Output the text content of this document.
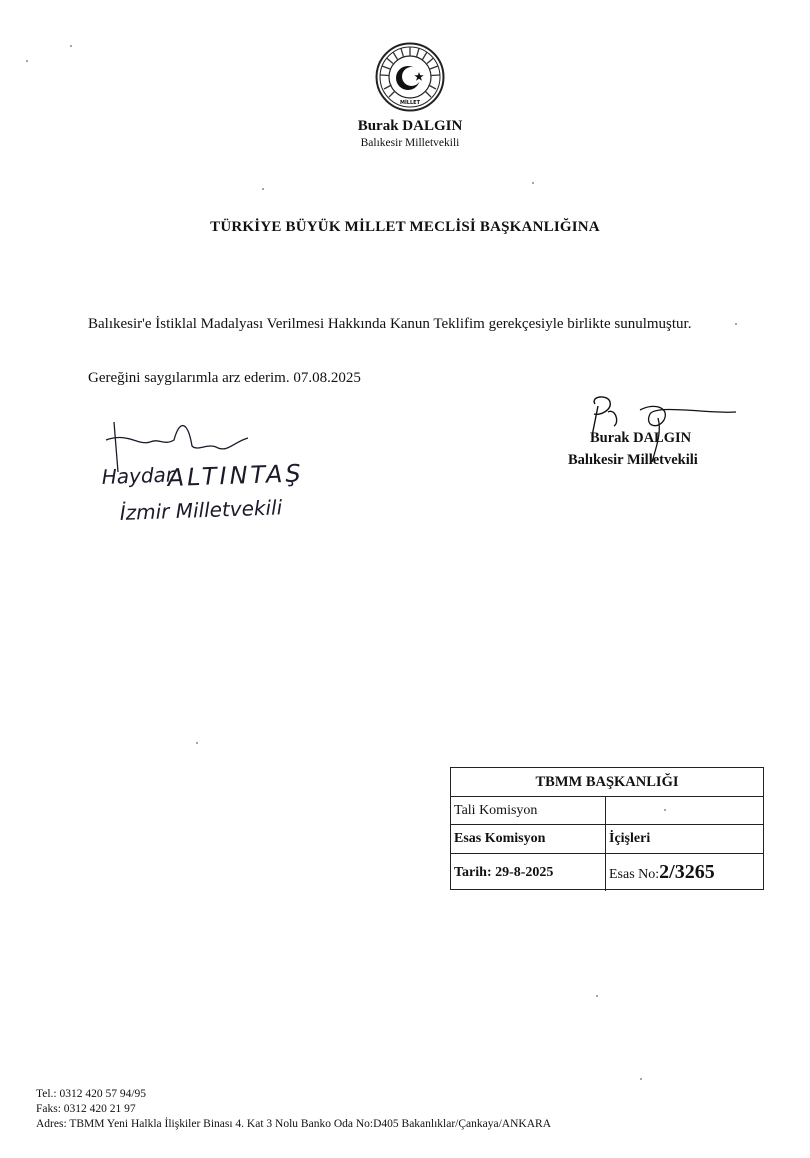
MİLLET
Burak DALGIN
Balıkesir Milletvekili
TÜRKİYE BÜYÜK MİLLET MECLİSİ BAŞKANLIĞINA
Balıkesir'e İstiklal Madalyası Verilmesi Hakkında Kanun Teklifim gerekçesiyle birlikte sunulmuştur.
Gereğini saygılarımla arz ederim. 07.08.2025
Burak DALGIN
Balıkesir Milletvekili
Haydar
ALTINTAŞ
İzmir Milletvekili
TBMM BAŞKANLIĞI
Tali Komisyon
Esas Komisyon	İçişleri
Tarih: 29-8-2025	Esas No:2/3265
Tel.: 0312 420 57 94/95
Faks: 0312 420 21 97
Adres: TBMM Yeni Halkla İlişkiler Binası 4. Kat 3 Nolu Banko Oda No:D405 Bakanlıklar/Çankaya/ANKARA
